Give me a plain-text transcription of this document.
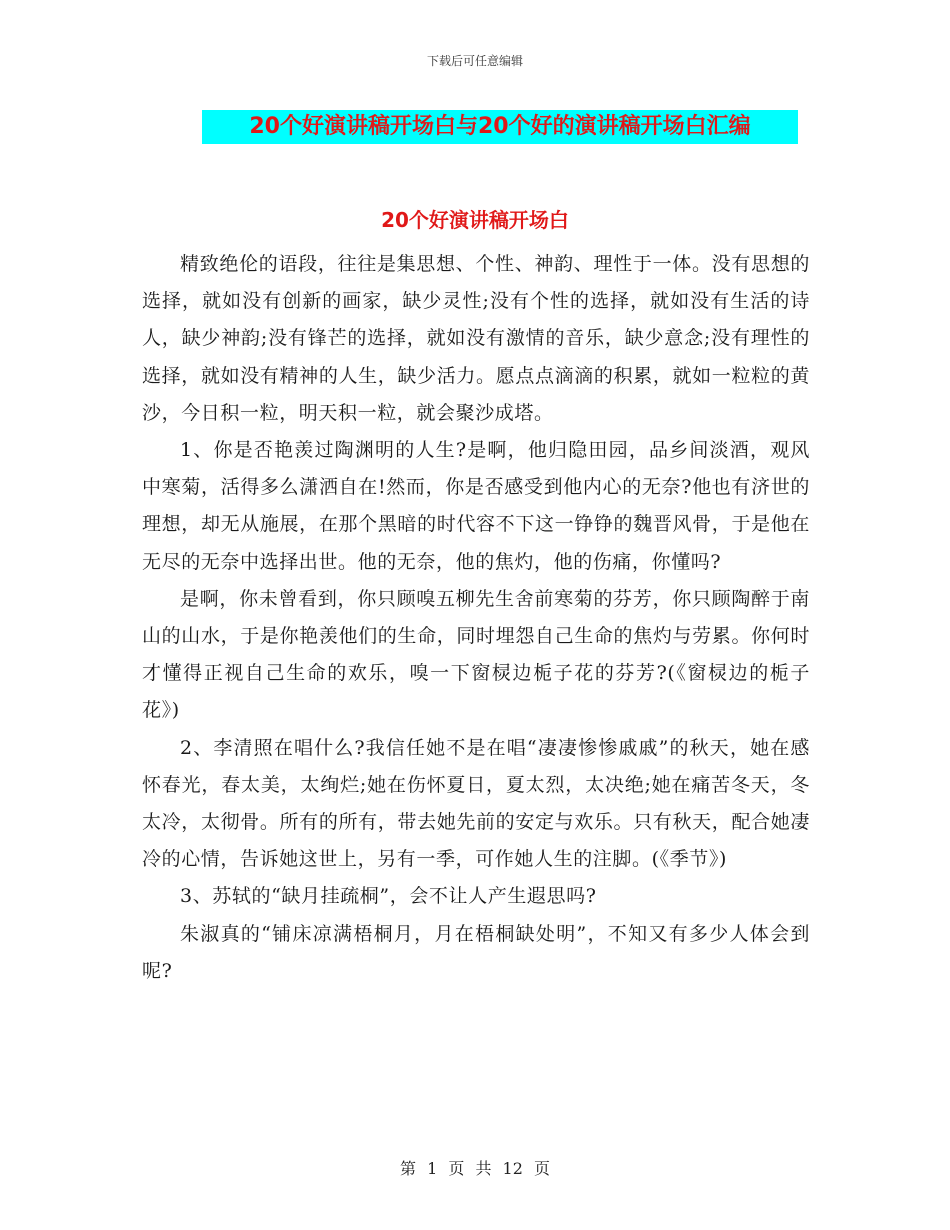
下载后可任意编辑
20个好演讲稿开场白与20个好的演讲稿开场白汇编
20个好演讲稿开场白

精致绝伦的语段，往往是集思想、个性、神韵、理性于一体。没有思想的选择，就如没有创新的画家，缺少灵性;没有个性的选择，就如没有生活的诗人，缺少神韵;没有锋芒的选择，就如没有激情的音乐，缺少意念;没有理性的选择，就如没有精神的人生，缺少活力。愿点点滴滴的积累，就如一粒粒的黄沙，今日积一粒，明天积一粒，就会聚沙成塔。

1、你是否艳羡过陶渊明的人生?是啊，他归隐田园，品乡间淡酒，观风中寒菊，活得多么潇洒自在!然而，你是否感受到他内心的无奈?他也有济世的理想，却无从施展，在那个黑暗的时代容不下这一铮铮的魏晋风骨，于是他在无尽的无奈中选择出世。他的无奈，他的焦灼，他的伤痛，你懂吗?

是啊，你未曾看到，你只顾嗅五柳先生舍前寒菊的芬芳，你只顾陶醉于南山的山水，于是你艳羡他们的生命，同时埋怨自己生命的焦灼与劳累。你何时才懂得正视自己生命的欢乐，嗅一下窗棂边栀子花的芬芳?(《窗棂边的栀子花》)

2、李清照在唱什么?我信任她不是在唱“凄凄惨惨戚戚”的秋天，她在感怀春光，春太美，太绚烂;她在伤怀夏日，夏太烈，太决绝;她在痛苦冬天，冬太冷，太彻骨。所有的所有，带去她先前的安定与欢乐。只有秋天，配合她凄冷的心情，告诉她这世上，另有一季，可作她人生的注脚。(《季节》)

3、苏轼的“缺月挂疏桐”，会不让人产生遐思吗?

朱淑真的“铺床凉满梧桐月，月在梧桐缺处明”，不知又有多少人体会到呢?

第 1 页 共 12 页
